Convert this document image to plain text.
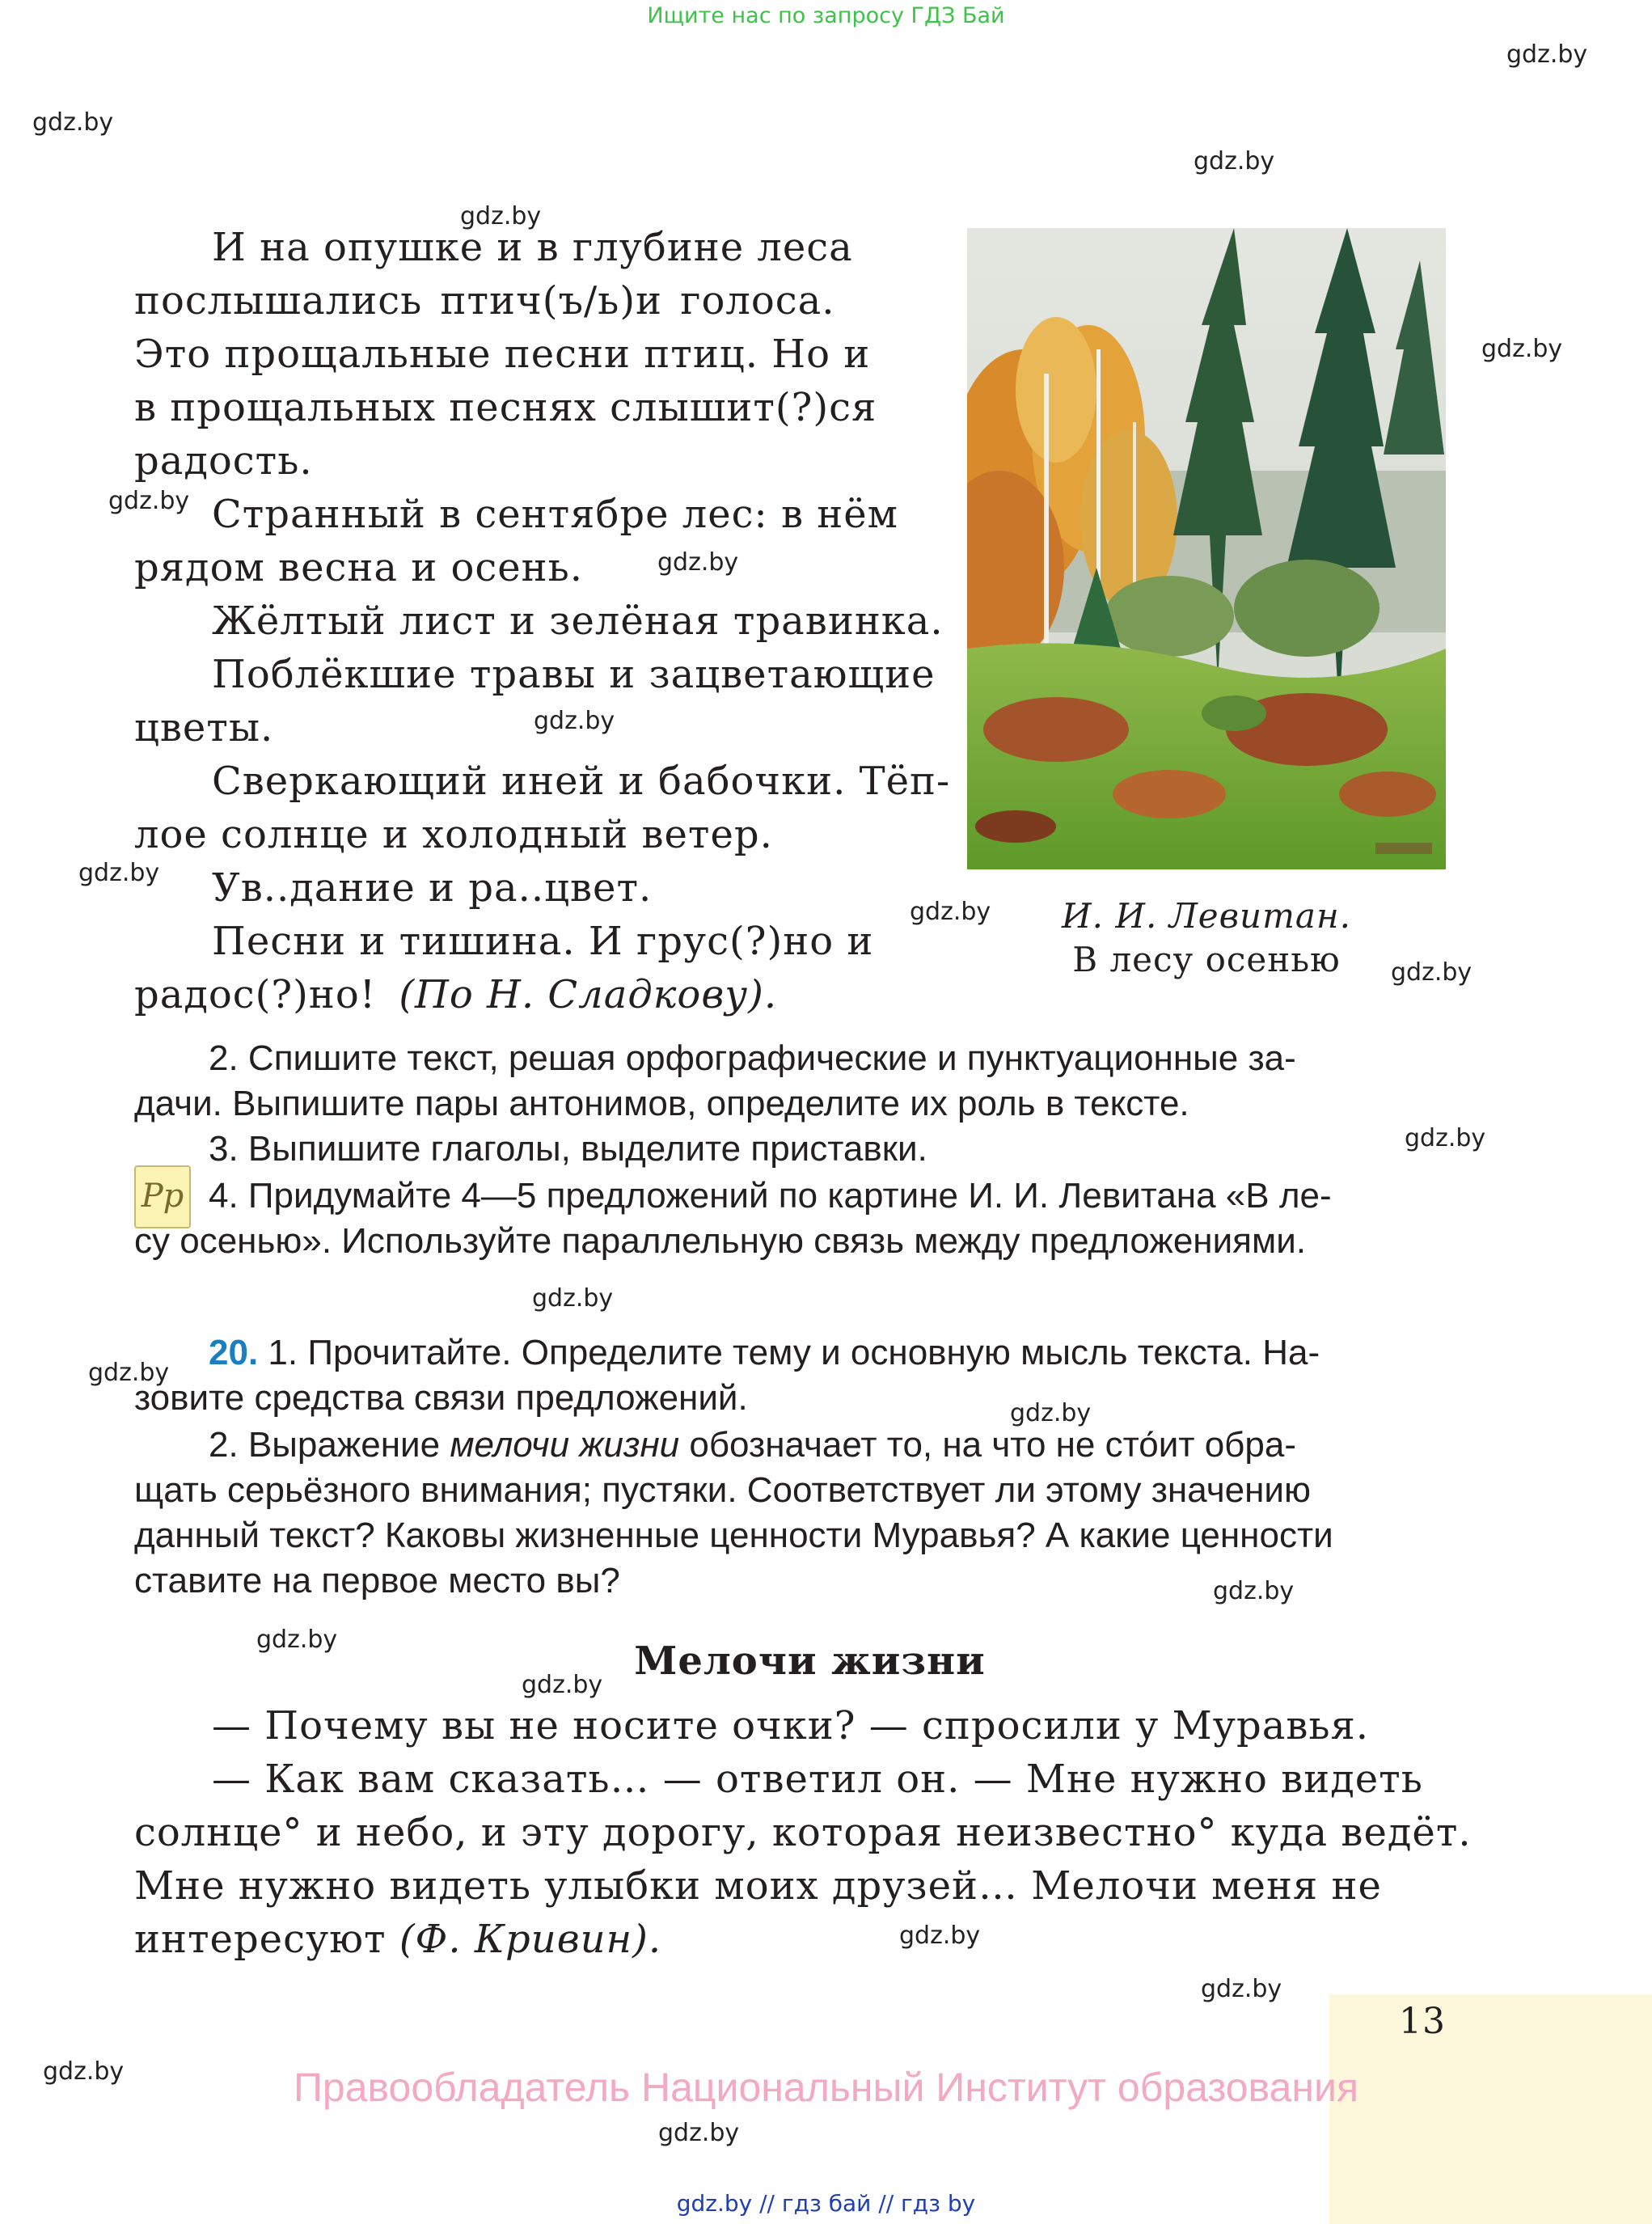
Ищите нас по запросу ГДЗ Бай
gdz.by
gdz.by
gdz.by
gdz.by
gdz.by
gdz.by
gdz.by
gdz.by
gdz.by
gdz.by
gdz.by
gdz.by
gdz.by
gdz.by
gdz.by
gdz.by
gdz.by
gdz.by
gdz.by
gdz.by
gdz.by
gdz.by
И на опушке и в глубине леса
послышались птич(ъ/ь)и голоса.
Это прощальные песни птиц. Но и
в прощальных песнях слышит(?)ся
радость.
Странный в сентябре лес: в нём
рядом весна и осень.
Жёлтый лист и зелёная травинка.
Поблёкшие травы и зацветающие
цветы.
Сверкающий иней и бабочки. Тёп-
лое солнце и холодный ветер.
Ув..дание и ра..цвет.
Песни и тишина. И грус(?)но и
радос(?)но! (По Н. Сладкову).
И. И. Левитан.
В лесу осенью
2. Спишите текст, решая орфографические и пунктуационные за-
дачи. Выпишите пары антонимов, определите их роль в тексте.
3. Выпишите глаголы, выделите приставки.
Рр 4. Придумайте 4—5 предложений по картине И. И. Левитана «В ле-
су осенью». Используйте параллельную связь между предложениями.
20. 1. Прочитайте. Определите тему и основную мысль текста. На-
зовите средства связи предложений.
2. Выражение мелочи жизни обозначает то, на что не сто́ит обра-
щать серьёзного внимания; пустяки. Соответствует ли этому значению
данный текст? Каковы жизненные ценности Муравья? А какие ценности
ставите на первое место вы?
Мелочи жизни
— Почему вы не носите очки? — спросили у Муравья.
— Как вам сказать… — ответил он. — Мне нужно видеть
солнце° и небо, и эту дорогу, которая неизвестно° куда ведёт.
Мне нужно видеть улыбки моих друзей… Мелочи меня не
интересуют (Ф. Кривин).
13
Правообладатель Национальный Институт образования
gdz.by // гдз бай // гдз by
